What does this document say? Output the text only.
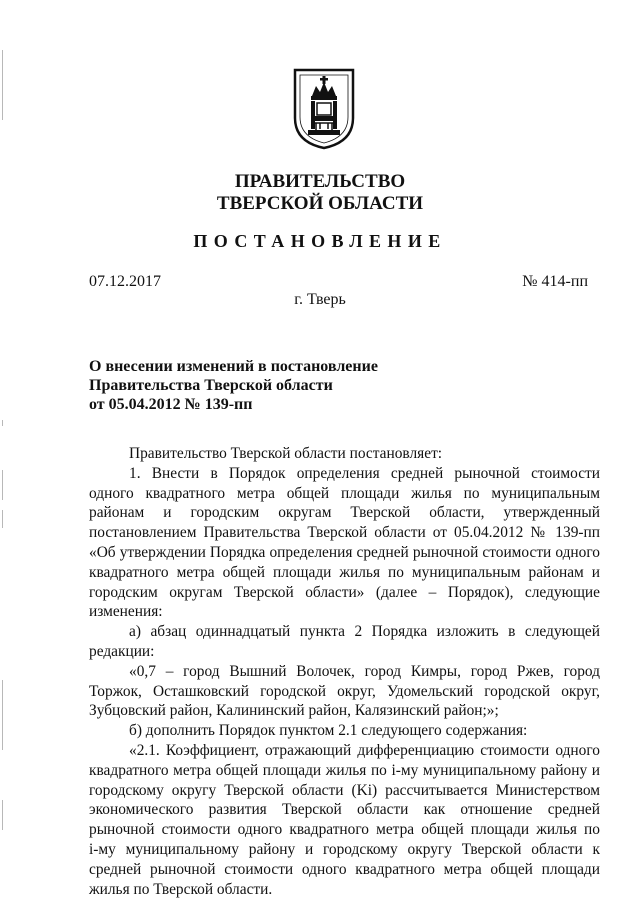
ПРАВИТЕЛЬСТВО
ТВЕРСКОЙ ОБЛАСТИ
ПОСТАНОВЛЕНИЕ
07.12.2017	№ 414-пп
г. Тверь
О внесении изменений в постановление
Правительства Тверской области
от 05.04.2012 № 139-пп

Правительство Тверской области постановляет:

1. Внести в Порядок определения средней рыночной стоимости

одного квадратного метра общей площади жилья по муниципальным

районам и городским округам Тверской области, утвержденный

постановлением Правительства Тверской области от 05.04.2012 № 139-пп

«Об утверждении Порядка определения средней рыночной стоимости одного

квадратного метра общей площади жилья по муниципальным районам и

городским округам Тверской области» (далее – Порядок), следующие

изменения:

а) абзац одиннадцатый пункта 2 Порядка изложить в следующей

редакции:

«0,7 – город Вышний Волочек, город Кимры, город Ржев, город

Торжок, Осташковский городской округ, Удомельский городской округ,

Зубцовский район, Калининский район, Калязинский район;»;

б) дополнить Порядок пунктом 2.1 следующего содержания:

«2.1. Коэффициент, отражающий дифференциацию стоимости одного

квадратного метра общей площади жилья по i-му муниципальному району и

городскому округу Тверской области (Ki) рассчитывается Министерством

экономического развития Тверской области как отношение средней

рыночной стоимости одного квадратного метра общей площади жилья по

i-му муниципальному району и городскому округу Тверской области к

средней рыночной стоимости одного квадратного метра общей площади

жилья по Тверской области.
